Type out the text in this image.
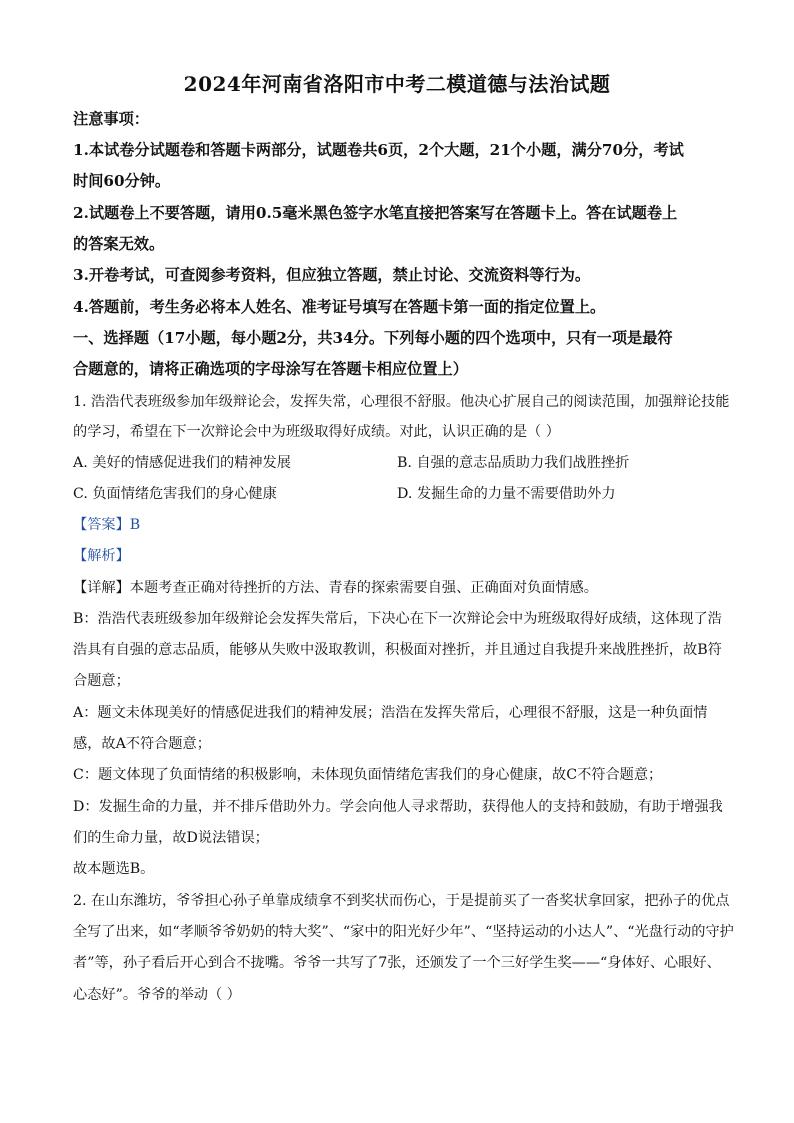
2024年河南省洛阳市中考二模道德与法治试题
注意事项：
1.本试卷分试题卷和答题卡两部分，试题卷共6页，2个大题，21个小题，满分70分，考试
时间60分钟。
2.试题卷上不要答题，请用0.5毫米黑色签字水笔直接把答案写在答题卡上。答在试题卷上
的答案无效。
3.开卷考试，可查阅参考资料，但应独立答题，禁止讨论、交流资料等行为。
4.答题前，考生务必将本人姓名、准考证号填写在答题卡第一面的指定位置上。
一、选择题（17小题，每小题2分，共34分。下列每小题的四个选项中，只有一项是最符
合题意的，请将正确选项的字母涂写在答题卡相应位置上）
1. 浩浩代表班级参加年级辩论会，发挥失常，心理很不舒服。他决心扩展自己的阅读范围，加强辩论技能
的学习，希望在下一次辩论会中为班级取得好成绩。对此，认识正确的是（ ）
A. 美好的情感促进我们的精神发展	B. 自强的意志品质助力我们战胜挫折
C. 负面情绪危害我们的身心健康	D. 发掘生命的力量不需要借助外力
【答案】B
【解析】
【详解】本题考查正确对待挫折的方法、青春的探索需要自强、正确面对负面情感。
B：浩浩代表班级参加年级辩论会发挥失常后，下决心在下一次辩论会中为班级取得好成绩，这体现了浩
浩具有自强的意志品质，能够从失败中汲取教训，积极面对挫折，并且通过自我提升来战胜挫折，故B符
合题意；
A：题文未体现美好的情感促进我们的精神发展；浩浩在发挥失常后，心理很不舒服，这是一种负面情
感，故A不符合题意；
C：题文体现了负面情绪的积极影响，未体现负面情绪危害我们的身心健康，故C不符合题意；
D：发掘生命的力量，并不排斥借助外力。学会向他人寻求帮助，获得他人的支持和鼓励，有助于增强我
们的生命力量，故D说法错误；
故本题选B。
2. 在山东潍坊，爷爷担心孙子单靠成绩拿不到奖状而伤心，于是提前买了一沓奖状拿回家，把孙子的优点
全写了出来，如“孝顺爷爷奶奶的特大奖”、“家中的阳光好少年”、“坚持运动的小达人”、“光盘行动的守护
者”等，孙子看后开心到合不拢嘴。爷爷一共写了7张，还颁发了一个三好学生奖——“身体好、心眼好、
心态好”。爷爷的举动（ ）
